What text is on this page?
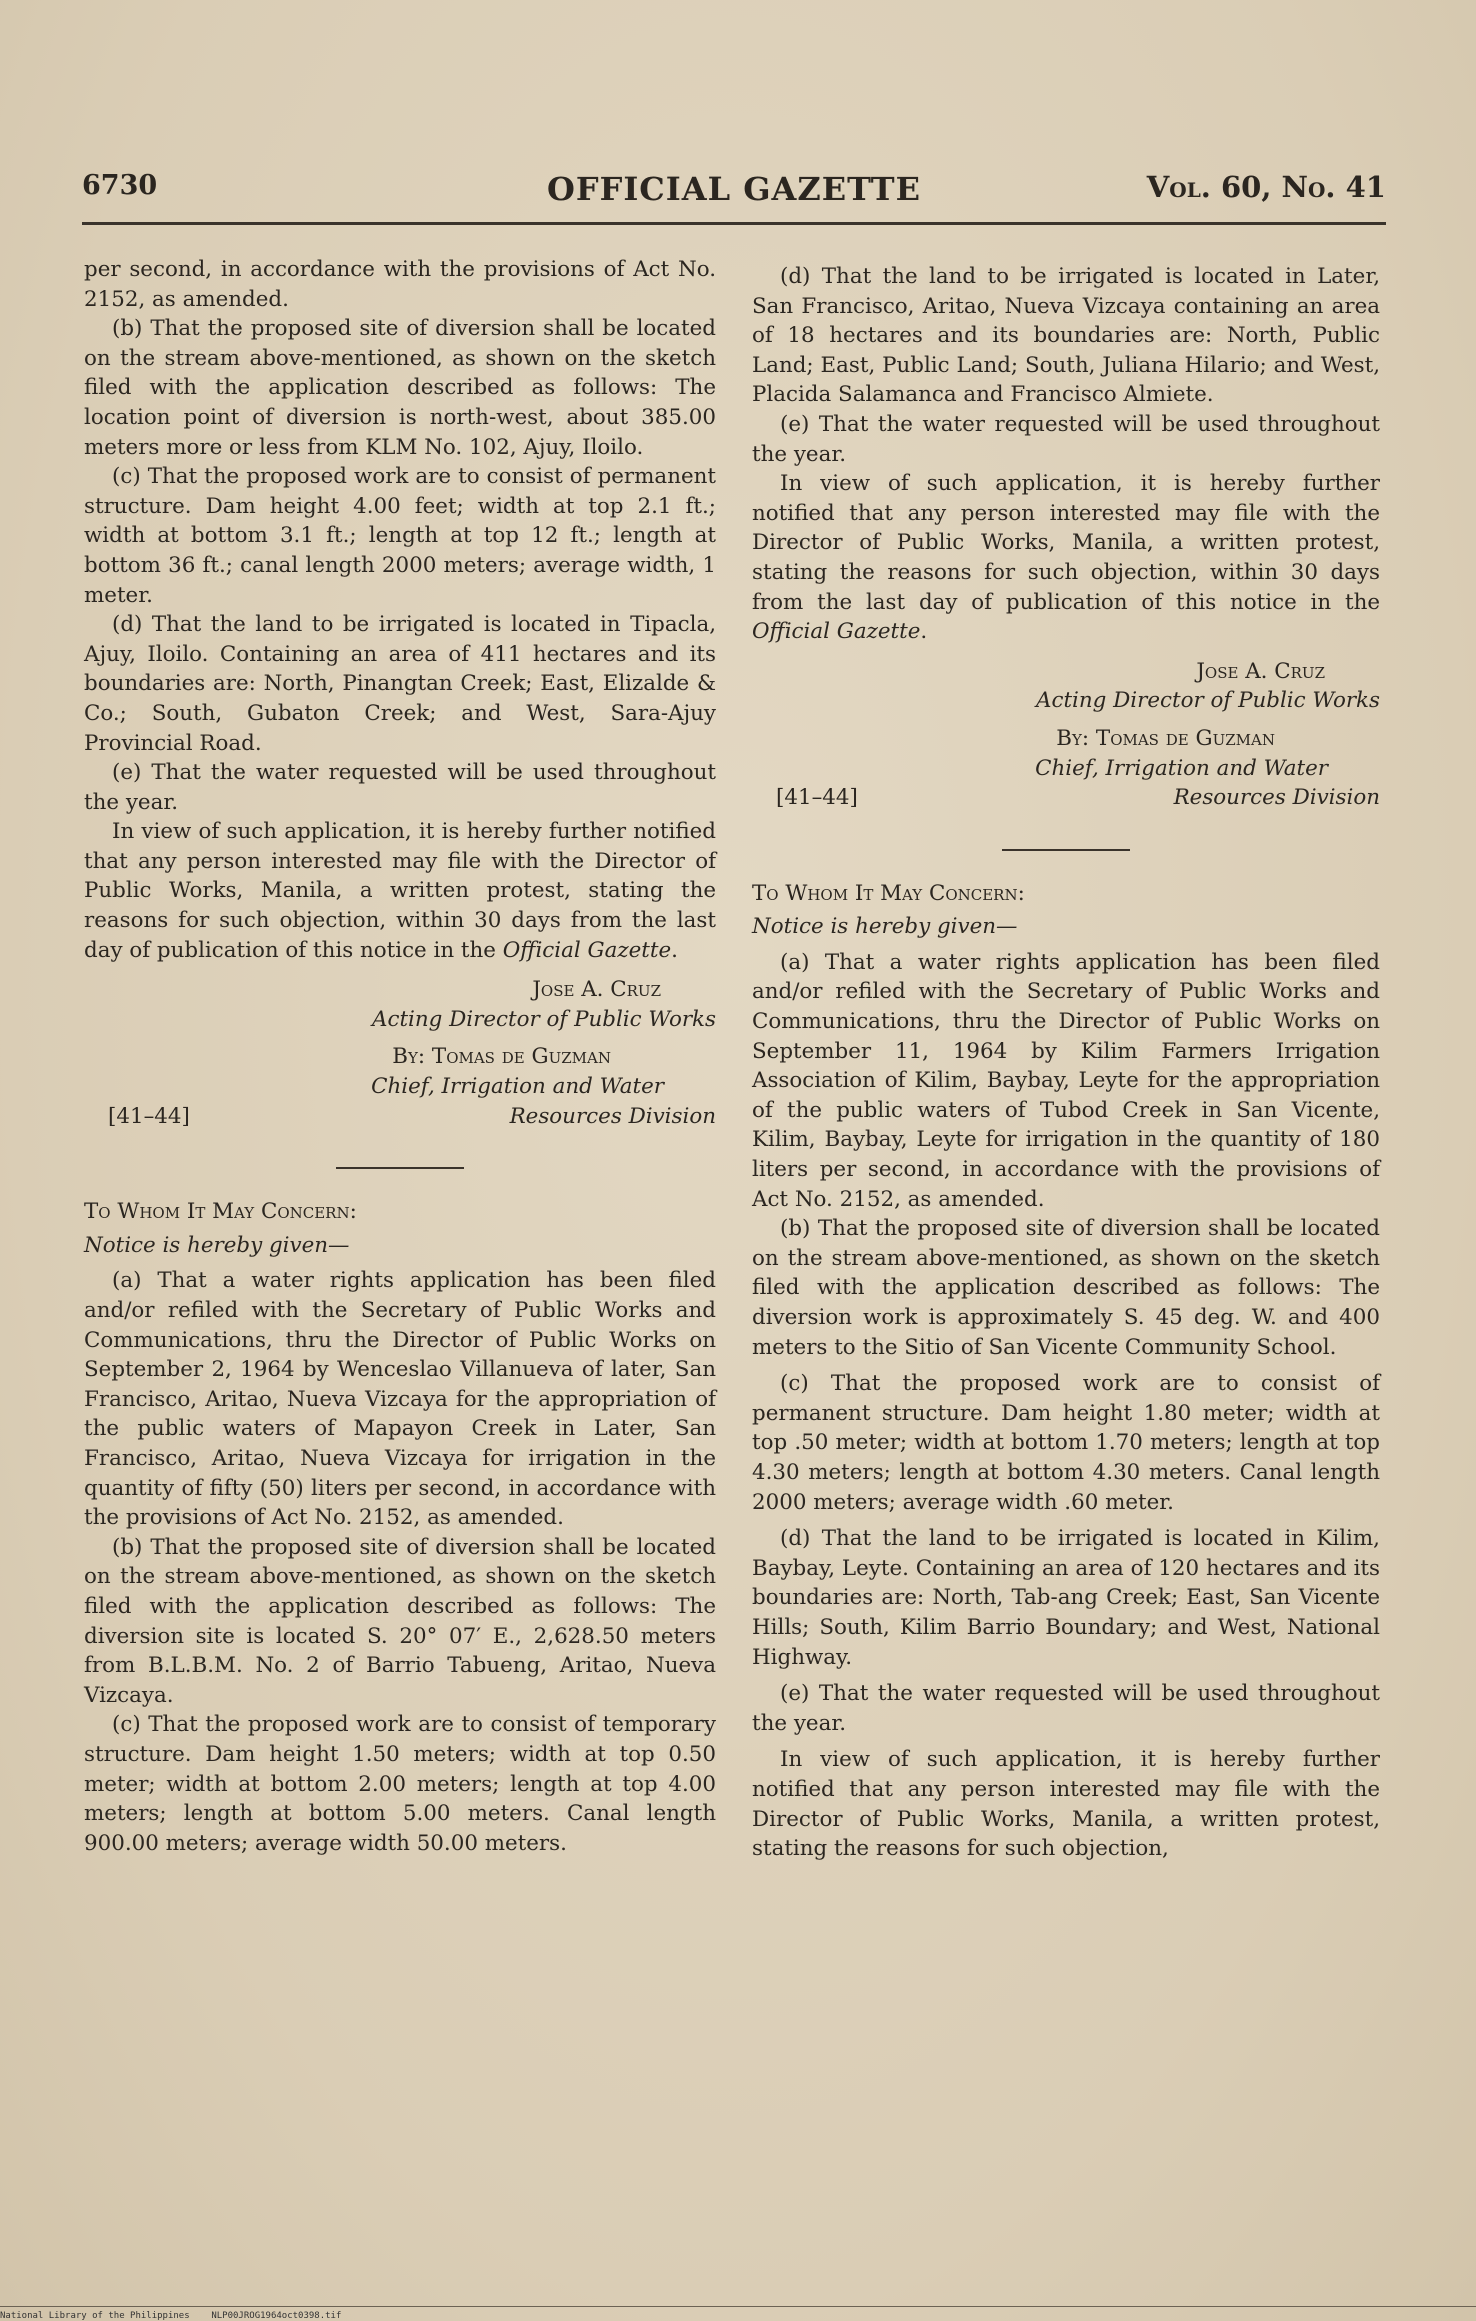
6730	OFFICIAL GAZETTE	Vol. 60, No. 41

per second, in accordance with the provisions of Act No. 2152, as amended.

(b) That the proposed site of diversion shall be located on the stream above-mentioned, as shown on the sketch filed with the application described as follows: The location point of diversion is north-west, about 385.00 meters more or less from KLM No. 102, Ajuy, Iloilo.

(c) That the proposed work are to consist of permanent structure. Dam height 4.00 feet; width at top 2.1 ft.; width at bottom 3.1 ft.; length at top 12 ft.; length at bottom 36 ft.; canal length 2000 meters; average width, 1 meter.

(d) That the land to be irrigated is located in Tipacla, Ajuy, Iloilo. Containing an area of 411 hectares and its boundaries are: North, Pinangtan Creek; East, Elizalde & Co.; South, Gubaton Creek; and West, Sara-Ajuy Provincial Road.

(e) That the water requested will be used throughout the year.

In view of such application, it is hereby further notified that any person interested may file with the Director of Public Works, Manila, a written protest, stating the reasons for such objection, within 30 days from the last day of publication of this notice in the Official Gazette.

Jose A. Cruz

Acting Director of Public Works

By: Tomas de Guzman

Chief, Irrigation and Water

[41–44]	Resources Division

To Whom It May Concern:

Notice is hereby given—

(a) That a water rights application has been filed and/or refiled with the Secretary of Public Works and Communications, thru the Director of Public Works on September 2, 1964 by Wenceslao Villanueva of later, San Francisco, Aritao, Nueva Vizcaya for the appropriation of the public waters of Mapayon Creek in Later, San Francisco, Aritao, Nueva Vizcaya for irrigation in the quantity of fifty (50) liters per second, in accordance with the provisions of Act No. 2152, as amended.

(b) That the proposed site of diversion shall be located on the stream above-mentioned, as shown on the sketch filed with the application described as follows: The diversion site is located S. 20° 07′ E., 2,628.50 meters from B.L.B.M. No. 2 of Barrio Tabueng, Aritao, Nueva Vizcaya.

(c) That the proposed work are to consist of temporary structure. Dam height 1.50 meters; width at top 0.50 meter; width at bottom 2.00 meters; length at top 4.00 meters; length at bottom 5.00 meters. Canal length 900.00 meters; average width 50.00 meters.

(d) That the land to be irrigated is located in Later, San Francisco, Aritao, Nueva Vizcaya containing an area of 18 hectares and its boundaries are: North, Public Land; East, Public Land; South, Juliana Hilario; and West, Placida Salamanca and Francisco Almiete.

(e) That the water requested will be used throughout the year.

In view of such application, it is hereby further notified that any person interested may file with the Director of Public Works, Manila, a written protest, stating the reasons for such objection, within 30 days from the last day of publication of this notice in the Official Gazette.

Jose A. Cruz

Acting Director of Public Works

By: Tomas de Guzman

Chief, Irrigation and Water

[41–44]	Resources Division

To Whom It May Concern:

Notice is hereby given—

(a) That a water rights application has been filed and/or refiled with the Secretary of Public Works and Communications, thru the Director of Public Works on September 11, 1964 by Kilim Farmers Irrigation Association of Kilim, Baybay, Leyte for the appropriation of the public waters of Tubod Creek in San Vicente, Kilim, Baybay, Leyte for irrigation in the quantity of 180 liters per second, in accordance with the provisions of Act No. 2152, as amended.

(b) That the proposed site of diversion shall be located on the stream above-mentioned, as shown on the sketch filed with the application described as follows: The diversion work is approximately S. 45 deg. W. and 400 meters to the Sitio of San Vicente Community School.

(c) That the proposed work are to consist of permanent structure. Dam height 1.80 meter; width at top .50 meter; width at bottom 1.70 meters; length at top 4.30 meters; length at bottom 4.30 meters. Canal length 2000 meters; average width .60 meter.

(d) That the land to be irrigated is located in Kilim, Baybay, Leyte. Containing an area of 120 hectares and its boundaries are: North, Tab-ang Creek; East, San Vicente Hills; South, Kilim Barrio Boundary; and West, National Highway.

(e) That the water requested will be used throughout the year.

In view of such application, it is hereby further notified that any person interested may file with the Director of Public Works, Manila, a written protest, stating the reasons for such objection,

National Library of the Philippines NLP00JROG1964oct0398.tif
